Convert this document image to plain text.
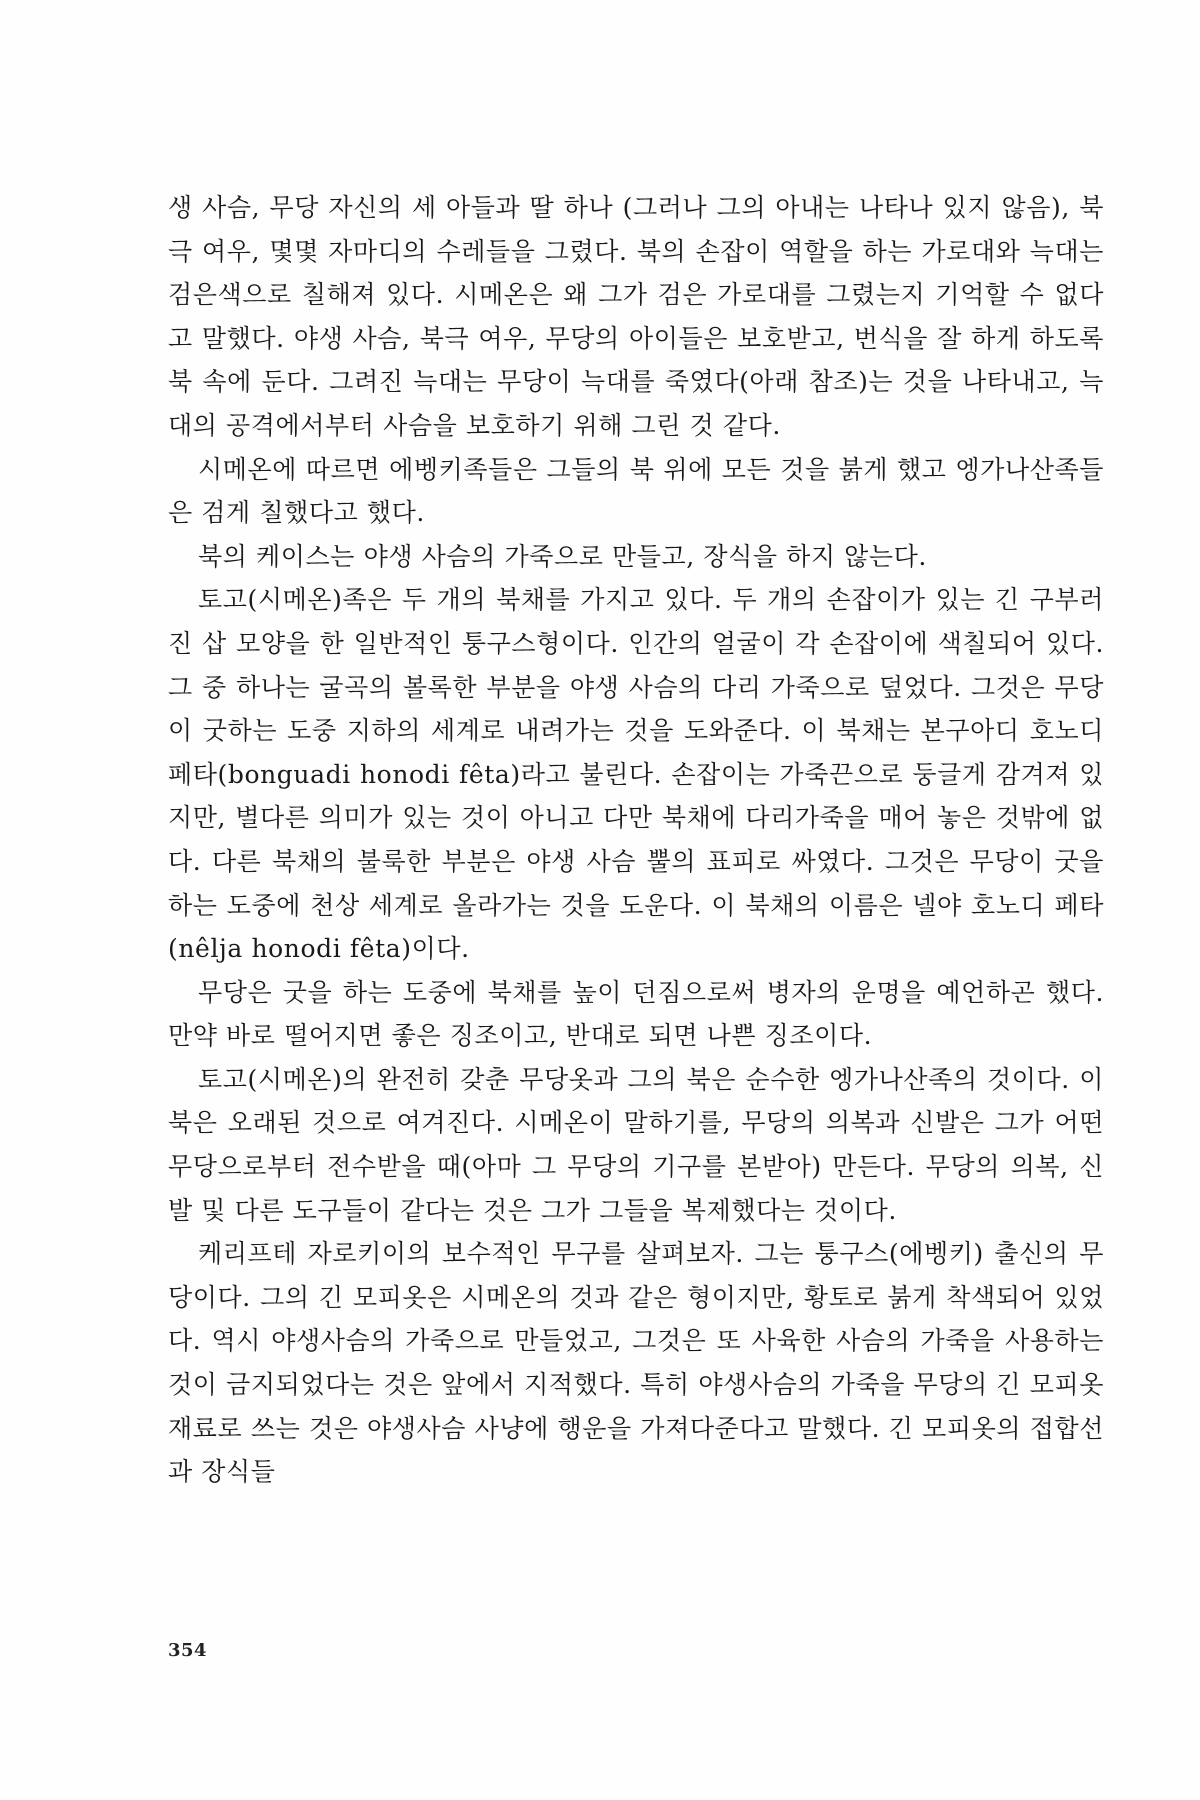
생 사슴, 무당 자신의 세 아들과 딸 하나 (그러나 그의 아내는 나타나 있지 않음), 북극 여우, 몇몇 자마디의 수레들을 그렸다. 북의 손잡이 역할을 하는 가로대와 늑대는 검은색으로 칠해져 있다. 시메온은 왜 그가 검은 가로대를 그렸는지 기억할 수 없다고 말했다. 야생 사슴, 북극 여우, 무당의 아이들은 보호받고, 번식을 잘 하게 하도록 북 속에 둔다. 그려진 늑대는 무당이 늑대를 죽였다(아래 참조)는 것을 나타내고, 늑대의 공격에서부터 사슴을 보호하기 위해 그린 것 같다.

시메온에 따르면 에벵키족들은 그들의 북 위에 모든 것을 붉게 했고 엥가나산족들은 검게 칠했다고 했다.

북의 케이스는 야생 사슴의 가죽으로 만들고, 장식을 하지 않는다.

토고(시메온)족은 두 개의 북채를 가지고 있다. 두 개의 손잡이가 있는 긴 구부러진 삽 모양을 한 일반적인 퉁구스형이다. 인간의 얼굴이 각 손잡이에 색칠되어 있다. 그 중 하나는 굴곡의 볼록한 부분을 야생 사슴의 다리 가죽으로 덮었다. 그것은 무당이 굿하는 도중 지하의 세계로 내려가는 것을 도와준다. 이 북채는 본구아디 호노디 페타(bonguadi honodi fêta)라고 불린다. 손잡이는 가죽끈으로 둥글게 감겨져 있지만, 별다른 의미가 있는 것이 아니고 다만 북채에 다리가죽을 매어 놓은 것밖에 없다. 다른 북채의 불룩한 부분은 야생 사슴 뿔의 표피로 싸였다. 그것은 무당이 굿을 하는 도중에 천상 세계로 올라가는 것을 도운다. 이 북채의 이름은 넬야 호노디 페타(nêlja honodi fêta)이다.

무당은 굿을 하는 도중에 북채를 높이 던짐으로써 병자의 운명을 예언하곤 했다. 만약 바로 떨어지면 좋은 징조이고, 반대로 되면 나쁜 징조이다.

토고(시메온)의 완전히 갖춘 무당옷과 그의 북은 순수한 엥가나산족의 것이다. 이 북은 오래된 것으로 여겨진다. 시메온이 말하기를, 무당의 의복과 신발은 그가 어떤 무당으로부터 전수받을 때(아마 그 무당의 기구를 본받아) 만든다. 무당의 의복, 신발 및 다른 도구들이 같다는 것은 그가 그들을 복제했다는 것이다.

케리프테 자로키이의 보수적인 무구를 살펴보자. 그는 퉁구스(에벵키) 출신의 무당이다. 그의 긴 모피옷은 시메온의 것과 같은 형이지만, 황토로 붉게 착색되어 있었다. 역시 야생사슴의 가죽으로 만들었고, 그것은 또 사육한 사슴의 가죽을 사용하는 것이 금지되었다는 것은 앞에서 지적했다. 특히 야생사슴의 가죽을 무당의 긴 모피옷 재료로 쓰는 것은 야생사슴 사냥에 행운을 가져다준다고 말했다. 긴 모피옷의 접합선과 장식들

354
